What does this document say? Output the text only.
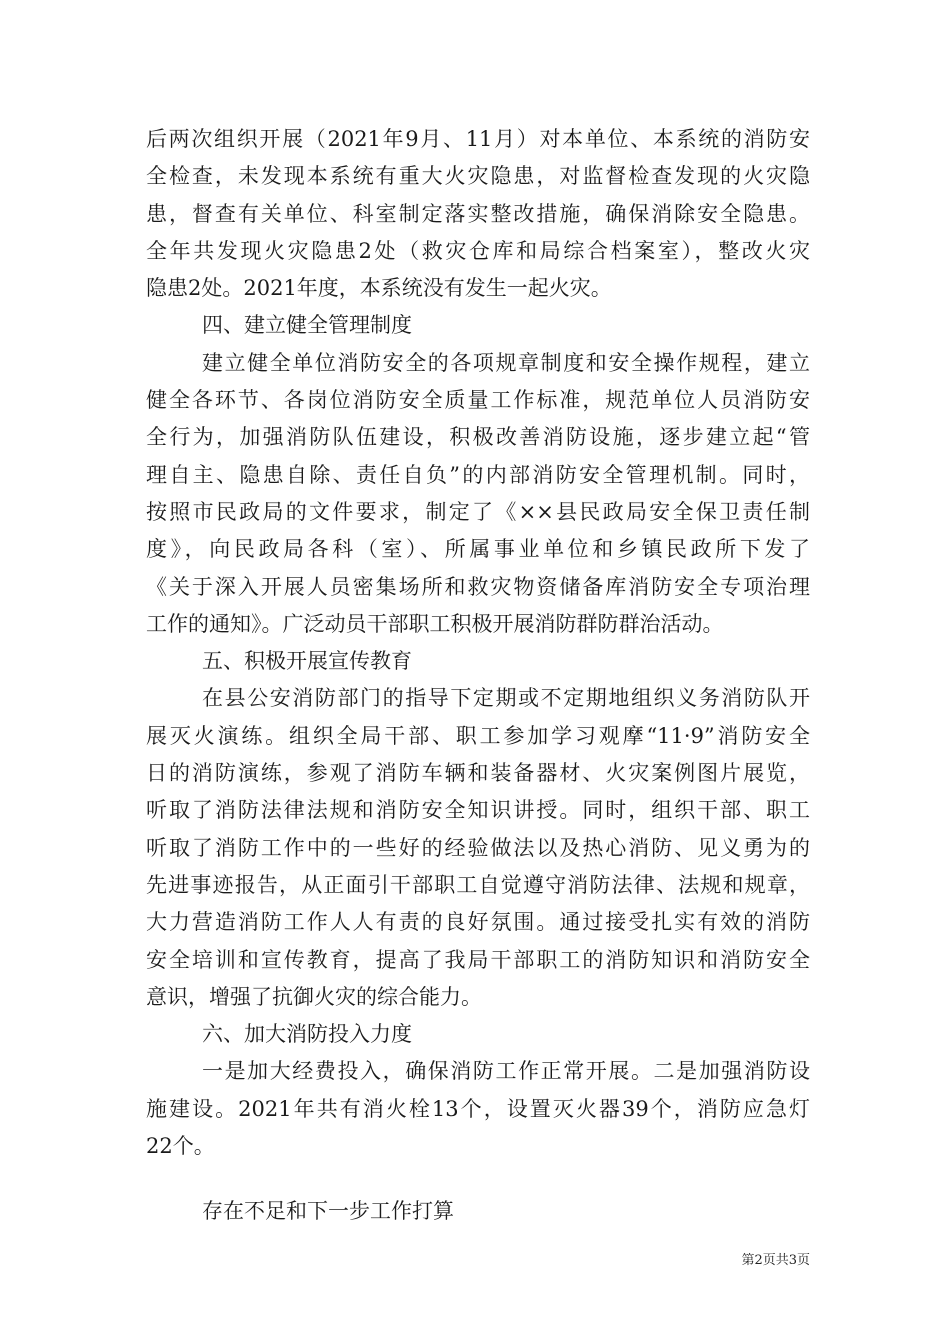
后两次组织开展（2021年9月、11月）对本单位、本系统的消防安
全检查，未发现本系统有重大火灾隐患，对监督检查发现的火灾隐
患，督查有关单位、科室制定落实整改措施，确保消除安全隐患。
全年共发现火灾隐患2处（救灾仓库和局综合档案室），整改火灾
隐患2处。2021年度，本系统没有发生一起火灾。
四、建立健全管理制度
建立健全单位消防安全的各项规章制度和安全操作规程，建立
健全各环节、各岗位消防安全质量工作标准，规范单位人员消防安
全行为，加强消防队伍建设，积极改善消防设施，逐步建立起“管
理自主、隐患自除、责任自负”的内部消防安全管理机制。同时，
按照市民政局的文件要求，制定了《××县民政局安全保卫责任制
度》，向民政局各科（室）、所属事业单位和乡镇民政所下发了
《关于深入开展人员密集场所和救灾物资储备库消防安全专项治理
工作的通知》。广泛动员干部职工积极开展消防群防群治活动。
五、积极开展宣传教育
在县公安消防部门的指导下定期或不定期地组织义务消防队开
展灭火演练。组织全局干部、职工参加学习观摩“11·9”消防安全
日的消防演练，参观了消防车辆和装备器材、火灾案例图片展览，
听取了消防法律法规和消防安全知识讲授。同时，组织干部、职工
听取了消防工作中的一些好的经验做法以及热心消防、见义勇为的
先进事迹报告，从正面引干部职工自觉遵守消防法律、法规和规章，
大力营造消防工作人人有责的良好氛围。通过接受扎实有效的消防
安全培训和宣传教育，提高了我局干部职工的消防知识和消防安全
意识，增强了抗御火灾的综合能力。
六、加大消防投入力度
一是加大经费投入，确保消防工作正常开展。二是加强消防设
施建设。2021年共有消火栓13个，设置灭火器39个，消防应急灯
22个。
存在不足和下一步工作打算
第2页共3页
